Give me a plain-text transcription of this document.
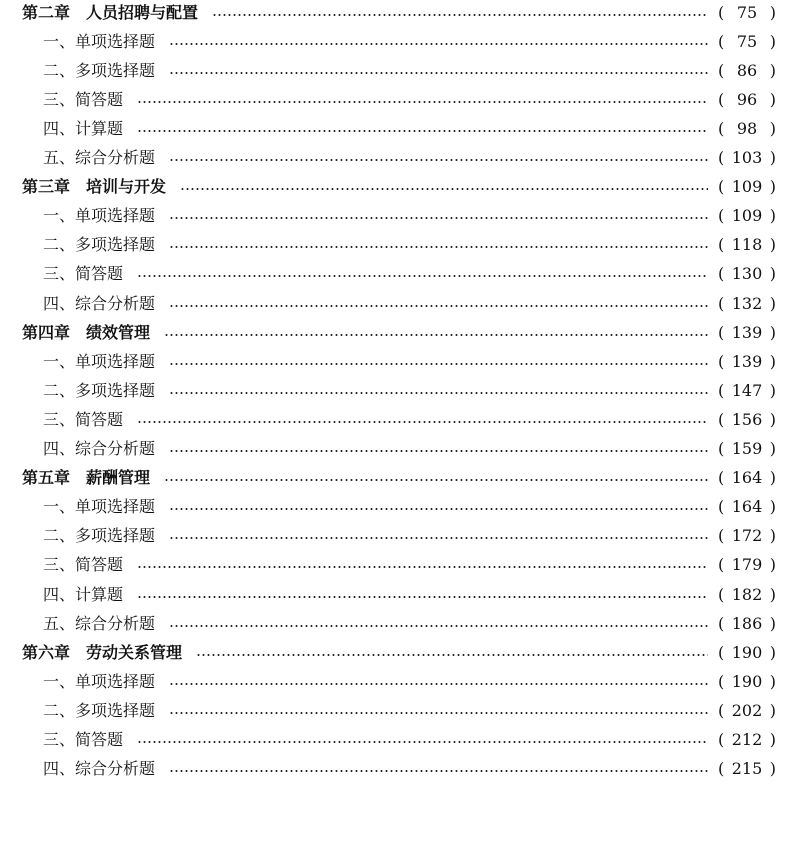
第二章　人员招聘与配置	( 75 )
一、单项选择题	( 75 )
二、多项选择题	( 86 )
三、简答题	( 96 )
四、计算题	( 98 )
五、综合分析题	( 103 )
第三章　培训与开发	( 109 )
一、单项选择题	( 109 )
二、多项选择题	( 118 )
三、简答题	( 130 )
四、综合分析题	( 132 )
第四章　绩效管理	( 139 )
一、单项选择题	( 139 )
二、多项选择题	( 147 )
三、简答题	( 156 )
四、综合分析题	( 159 )
第五章　薪酬管理	( 164 )
一、单项选择题	( 164 )
二、多项选择题	( 172 )
三、简答题	( 179 )
四、计算题	( 182 )
五、综合分析题	( 186 )
第六章　劳动关系管理	( 190 )
一、单项选择题	( 190 )
二、多项选择题	( 202 )
三、简答题	( 212 )
四、综合分析题	( 215 )
